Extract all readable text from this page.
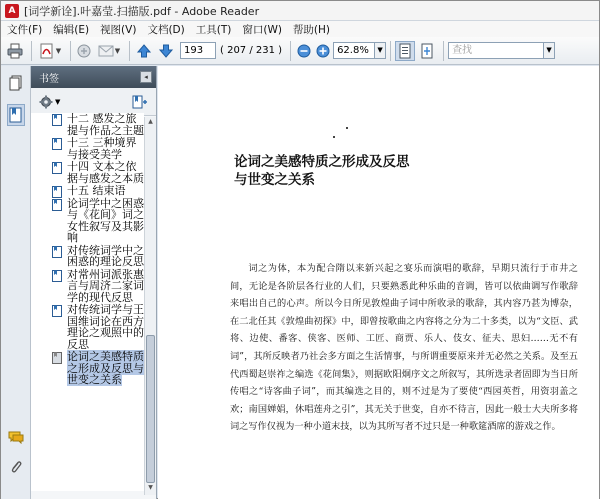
A [词学新诠].叶嘉莹.扫描版.pdf - Adobe Reader
文件(F) 编辑(E) 视图(V) 文档(D) 工具(T) 窗口(W) 帮助(H)
▼	▼	193	( 207 / 231 )	62.8%	▼	查找	▼
书签	◂
▼
十二 感发之旅提与作品之主题
十三 三种境界与接受美学
十四 文本之依据与感发之本质
十五 结束语
论词学中之困惑与《花间》词之女性叙写及其影响
对传统词学中之困惑的理论反思
对常州词派张惠言与周济二家词学的现代反思
对传统词学与王国维词论在西方理论之观照中的反思
论词之美感特质之形成及反思与世变之关系
▲
▼
论词之美感特质之形成及反思
与世变之关系
词之为体，本为配合隋以来新兴起之宴乐而演唱的歌辞，早期只流行于市井之间，无论是各阶层各行业的人们，只要熟悉此种乐曲的音调，皆可以依曲调写作歌辞来唱出自己的心声。所以今日所见敦煌曲子词中所收录的歌辞，其内容乃甚为博杂，在二北任其《敦煌曲初探》中，即曾按歌曲之内容将之分为二十多类，以为“文臣、武将、边使、番客、侠客、医师、工匠、商贾、乐人、伎女、征夫、思妇……无不有词”，其所反映者乃社会多方面之生活情事，与所谓重要原来并无必然之关系。及至五代西蜀赵崇祚之编选《花间集》，则据欧阳炯序文之所叙写，其所选录者固即为当日所传唱之“诗客曲子词”，而其编选之目的，则不过是为了要使“西园英哲，用资羽盖之欢；南国婵娟，休唱莲舟之引”，其无关于世变，自亦不待言，因此一般士大夫所多将词之写作仅视为一种小道末技，以为其所写者不过只是一种歌筵酒席的游戏之作。
